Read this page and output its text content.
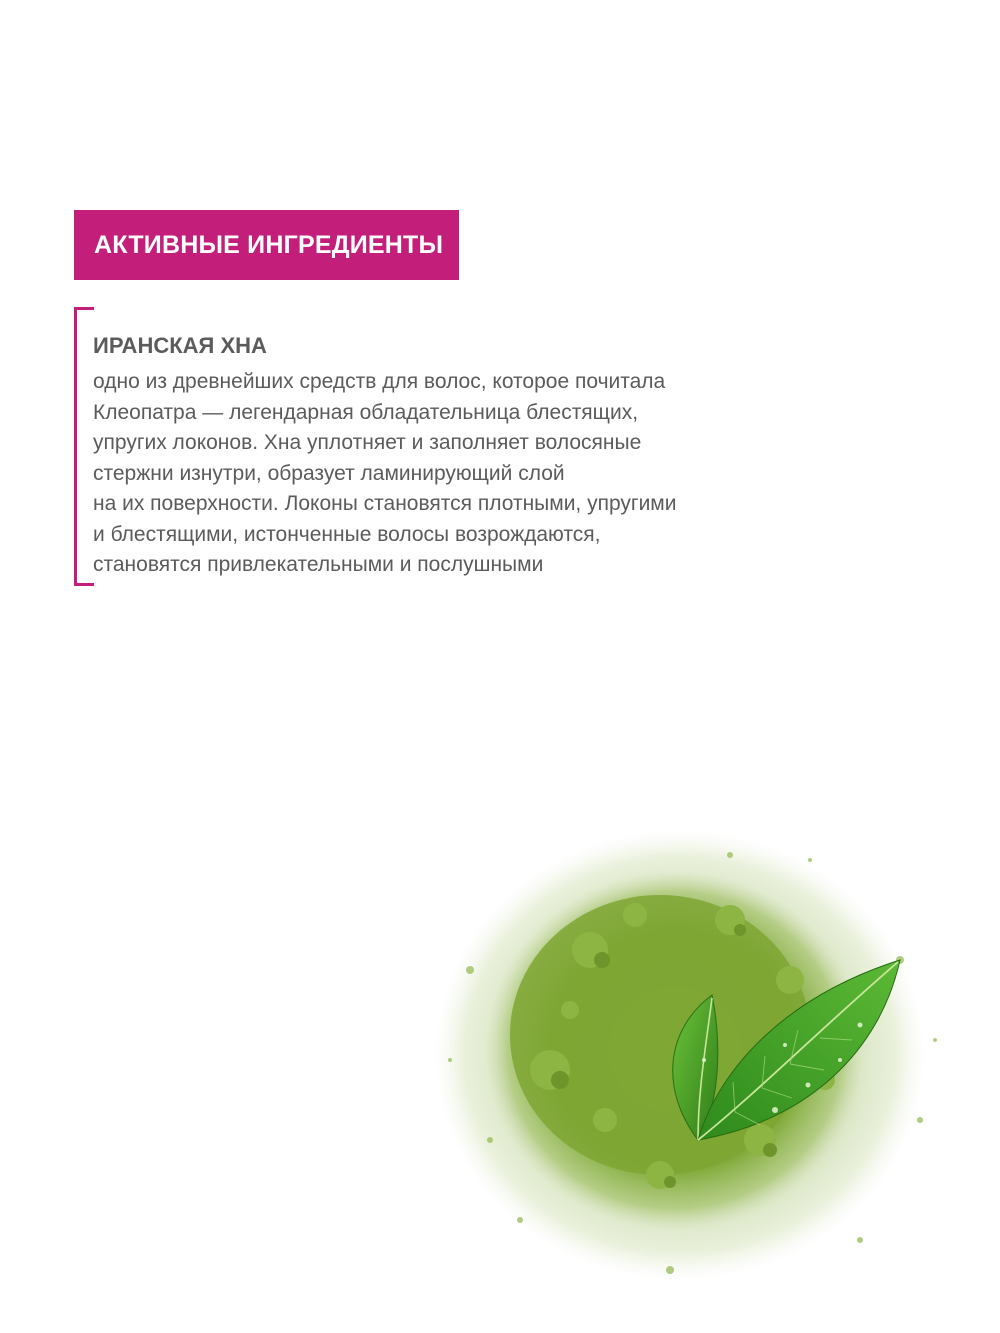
АКТИВНЫЕ ИНГРЕДИЕНТЫ
ИРАНСКАЯ ХНА
одно из древнейших средств для волос, которое почитала
Клеопатра — легендарная обладательница блестящих,
упругих локонов. Хна уплотняет и заполняет волосяные
стержни изнутри, образует ламинирующий слой
на их поверхности. Локоны становятся плотными, упругими
и блестящими, истонченные волосы возрождаются,
становятся привлекательными и послушными
